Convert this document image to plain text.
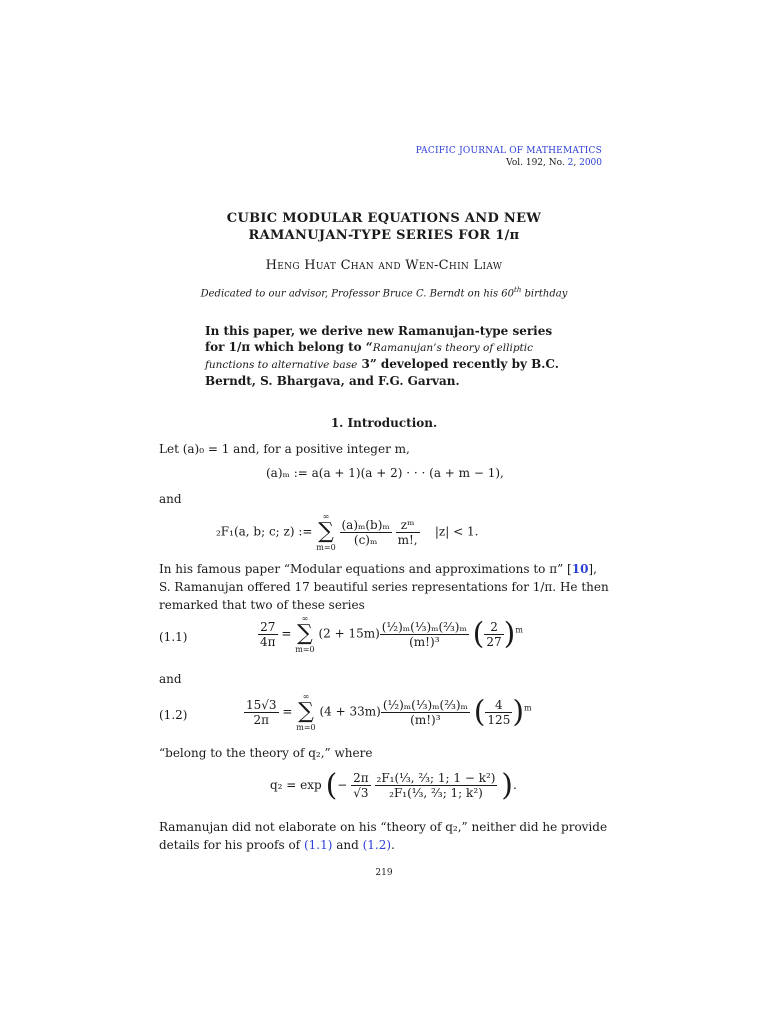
PACIFIC JOURNAL OF MATHEMATICS
Vol. 192, No. 2, 2000
CUBIC MODULAR EQUATIONS AND NEW
RAMANUJAN-TYPE SERIES FOR 1/π
Heng Huat Chan and Wen-Chin Liaw
Dedicated to our advisor, Professor Bruce C. Berndt on his 60th birthday
In this paper, we derive new Ramanujan-type series for 1/π which belong to “Ramanujan’s theory of elliptic functions to alternative base 3” developed recently by B.C. Berndt, S. Bhargava, and F.G. Garvan.
1. Introduction.
Let (a)₀ = 1 and, for a positive integer m,
(a)ₘ := a(a + 1)(a + 2) · · · (a + m − 1),
and
₂F₁(a, b; c; z) :=
∞
∑
m=0

$\frac{\text{(a)ₘ(b)ₘ}}{\text{(c)ₘ}}$
$\frac{\text{zᵐ}}{m!,} |z| < 1$.
In his famous paper “Modular equations and approximations to π” [10], S. Ramanujan offered 17 beautiful series representations for 1/π. He then remarked that two of these series
(1.1)	$\frac{27}{4\pi}$ =
∞
∑
m=0
$(2 + 15m) \frac{\text{(½)ₘ(⅓)ₘ(⅔)ₘ}}{\text{(m!)³}}$ ( $\frac{2}{27} )^m$
and
(1.2)	$\frac{15√3}{2\pi}$ =
∞
∑
m=0
$(4 + 33m) \frac{\text{(½)ₘ(⅓)ₘ(⅔)ₘ}}{\text{(m!)³}}$ ( $\frac{4}{125} )^m$
“belong to the theory of q₂,” where
q₂ = exp (− $\frac{2\pi}{√3}$
$\frac{\text{₂F₁(⅓, ⅔; 1; 1 − k²)}}{\text{₂F₁(⅓, ⅔; 1; k²)}}$ ).
Ramanujan did not elaborate on his “theory of q₂,” neither did he provide details for his proofs of (1.1) and (1.2).
219
